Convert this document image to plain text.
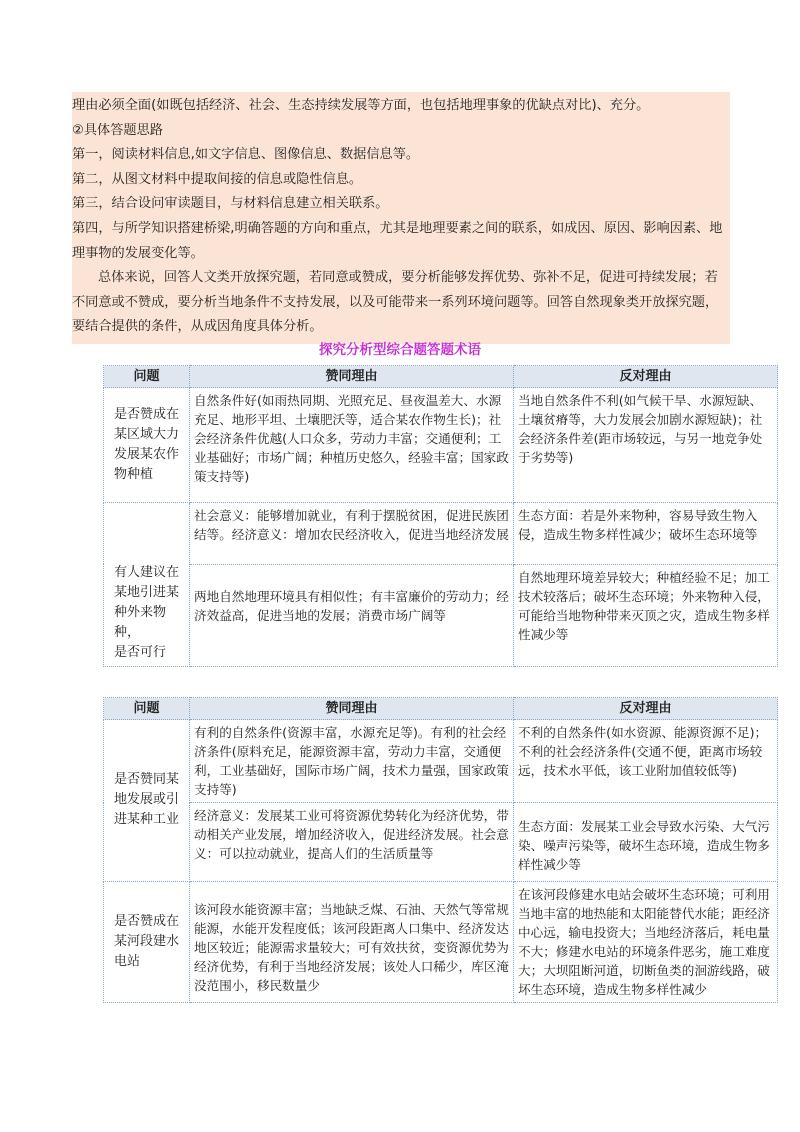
理由必须全面(如既包括经济、社会、生态持续发展等方面，也包括地理事象的优缺点对比)、充分。

②具体答题思路

第一，阅读材料信息,如文字信息、图像信息、数据信息等。

第二，从图文材料中提取间接的信息或隐性信息。

第三，结合设问审读题目，与材料信息建立相关联系。

第四，与所学知识搭建桥梁,明确答题的方向和重点，尤其是地理要素之间的联系，如成因、原因、影响因素、地理事物的发展变化等。

总体来说，回答人文类开放探究题，若同意或赞成，要分析能够发挥优势、弥补不足，促进可持续发展；若不同意或不赞成，要分析当地条件不支持发展，以及可能带来一系列环境问题等。回答自然现象类开放探究题，要结合提供的条件，从成因角度具体分析。

探究分析型综合题答题术语
问题	赞同理由	反对理由

是否赞成在
某区域大力
发展某农作
物种植	自然条件好(如雨热同期、光照充足、昼夜温差大、水源充足、地形平坦、土壤肥沃等，适合某农作物生长)；社会经济条件优越(人口众多，劳动力丰富；交通便利；工业基础好；市场广阔；种植历史悠久，经验丰富；国家政策支持等)	当地自然条件不利(如气候干旱、水源短缺、土壤贫瘠等，大力发展会加剧水源短缺)；社会经济条件差(距市场较远，与另一地竞争处于劣势等)

有人建议在
某地引进某
种外来物种，
是否可行	社会意义：能够增加就业，有利于摆脱贫困，促进民族团结等。经济意义：增加农民经济收入，促进当地经济发展	生态方面：若是外来物种，容易导致生物入侵，造成生物多样性减少；破坏生态环境等
	两地自然地理环境具有相似性；有丰富廉价的劳动力；经济效益高，促进当地的发展；消费市场广阔等	自然地理环境差异较大；种植经验不足；加工技术较落后；破坏生态环境；外来物种入侵，可能给当地物种带来灭顶之灾，造成生物多样性减少等
问题	赞同理由	反对理由

是否赞同某
地发展或引
进某种工业	有利的自然条件(资源丰富，水源充足等)。有利的社会经济条件(原料充足，能源资源丰富，劳动力丰富，交通便利，工业基础好，国际市场广阔，技术力量强，国家政策支持等)	不利的自然条件(如水资源、能源资源不足)；不利的社会经济条件(交通不便，距离市场较远，技术水平低，该工业附加值较低等)
	经济意义：发展某工业可将资源优势转化为经济优势，带动相关产业发展，增加经济收入，促进经济发展。社会意义：可以拉动就业，提高人们的生活质量等	生态方面：发展某工业会导致水污染、大气污染、噪声污染等，破坏生态环境，造成生物多样性减少等

是否赞成在
某河段建水
电站	该河段水能资源丰富；当地缺乏煤、石油、天然气等常规能源，水能开发程度低；该河段距离人口集中、经济发达地区较近；能源需求量较大；可有效扶贫，变资源优势为经济优势，有利于当地经济发展；该处人口稀少，库区淹没范围小，移民数量少	在该河段修建水电站会破坏生态环境；可利用当地丰富的地热能和太阳能替代水能；距经济中心远，输电投资大；当地经济落后，耗电量不大；修建水电站的环境条件恶劣，施工难度大；大坝阻断河道，切断鱼类的洄游线路，破坏生态环境，造成生物多样性减少
